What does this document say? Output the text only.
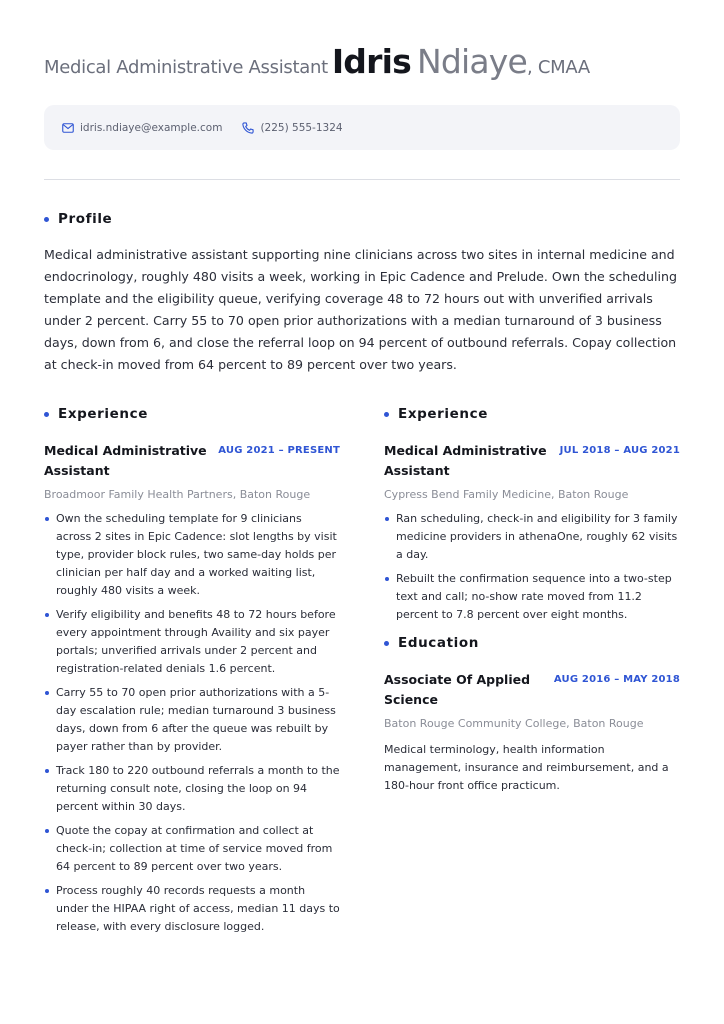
Medical Administrative Assistant Idris Ndiaye, CMAA
idris.ndiaye@example.com	(225) 555-1324
Profile

Medical administrative assistant supporting nine clinicians across two sites in internal medicine and endocrinology, roughly 480 visits a week, working in Epic Cadence and Prelude. Own the scheduling template and the eligibility queue, verifying coverage 48 to 72 hours out with unverified arrivals under 2 percent. Carry 55 to 70 open prior authorizations with a median turnaround of 3 business days, down from 6, and close the referral loop on 94 percent of outbound referrals. Copay collection at check-in moved from 64 percent to 89 percent over two years.

Experience
Medical Administrative Assistant
AUG 2021 – PRESENT
Broadmoor Family Health Partners, Baton Rouge
Own the scheduling template for 9 clinicians across 2 sites in Epic Cadence: slot lengths by visit type, provider block rules, two same-day holds per clinician per half day and a worked waiting list, roughly 480 visits a week.
Verify eligibility and benefits 48 to 72 hours before every appointment through Availity and six payer portals; unverified arrivals under 2 percent and registration-related denials 1.6 percent.
Carry 55 to 70 open prior authorizations with a 5-day escalation rule; median turnaround 3 business days, down from 6 after the queue was rebuilt by payer rather than by provider.
Track 180 to 220 outbound referrals a month to the returning consult note, closing the loop on 94 percent within 30 days.
Quote the copay at confirmation and collect at check-in; collection at time of service moved from 64 percent to 89 percent over two years.
Process roughly 40 records requests a month under the HIPAA right of access, median 11 days to release, with every disclosure logged.
Experience
Medical Administrative Assistant
JUL 2018 – AUG 2021
Cypress Bend Family Medicine, Baton Rouge
Ran scheduling, check-in and eligibility for 3 family medicine providers in athenaOne, roughly 62 visits a day.
Rebuilt the confirmation sequence into a two-step text and call; no-show rate moved from 11.2 percent to 7.8 percent over eight months.
Education
Associate Of Applied Science
AUG 2016 – MAY 2018
Baton Rouge Community College, Baton Rouge

Medical terminology, health information management, insurance and reimbursement, and a 180-hour front office practicum.
